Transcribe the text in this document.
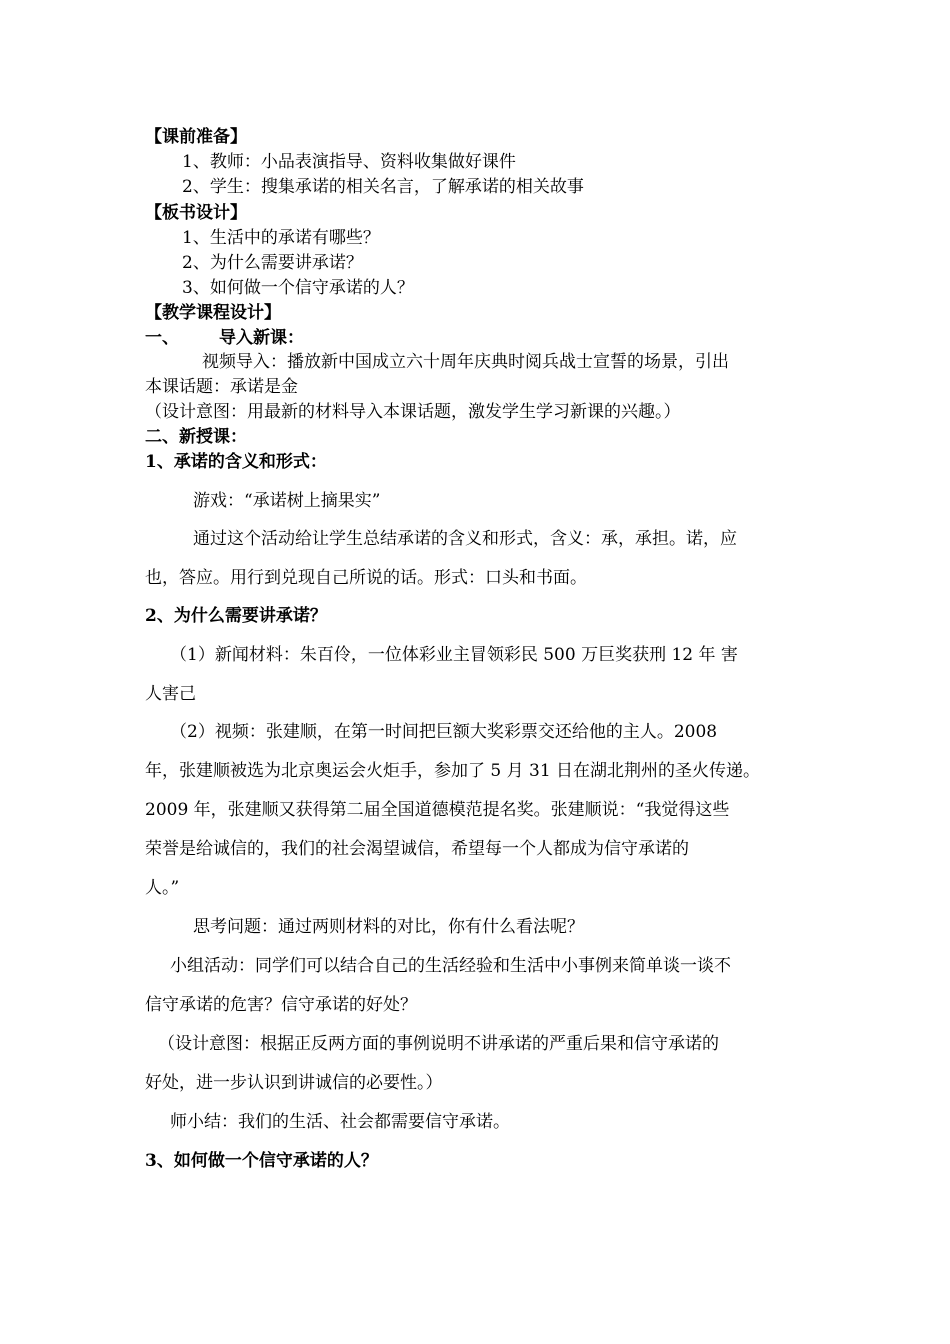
【课前准备】
1、教师：小品表演指导、资料收集做好课件
2、学生：搜集承诺的相关名言，了解承诺的相关故事
【板书设计】
1、生活中的承诺有哪些？
2、为什么需要讲承诺？
3、如何做一个信守承诺的人？
【教学课程设计】
一、 导入新课：
视频导入：播放新中国成立六十周年庆典时阅兵战士宣誓的场景，引出
本课话题：承诺是金
（设计意图：用最新的材料导入本课话题，激发学生学习新课的兴趣。）
二、新授课：
1、承诺的含义和形式：
游戏：“承诺树上摘果实”
通过这个活动给让学生总结承诺的含义和形式，含义：承，承担。诺，应
也，答应。用行到兑现自己所说的话。形式：口头和书面。
2、为什么需要讲承诺？
（1）新闻材料：朱百伶，一位体彩业主冒领彩民 500 万巨奖获刑 12 年 害
人害己
（2）视频：张建顺，在第一时间把巨额大奖彩票交还给他的主人。2008
年，张建顺被选为北京奥运会火炬手，参加了 5 月 31 日在湖北荆州的圣火传递。
2009 年，张建顺又获得第二届全国道德模范提名奖。张建顺说：“我觉得这些
荣誉是给诚信的，我们的社会渴望诚信，希望每一个人都成为信守承诺的
人。”
思考问题：通过两则材料的对比，你有什么看法呢？
小组活动：同学们可以结合自己的生活经验和生活中小事例来简单谈一谈不
信守承诺的危害？信守承诺的好处？
（设计意图：根据正反两方面的事例说明不讲承诺的严重后果和信守承诺的
好处，进一步认识到讲诚信的必要性。）
师小结：我们的生活、社会都需要信守承诺。
3、如何做一个信守承诺的人？
